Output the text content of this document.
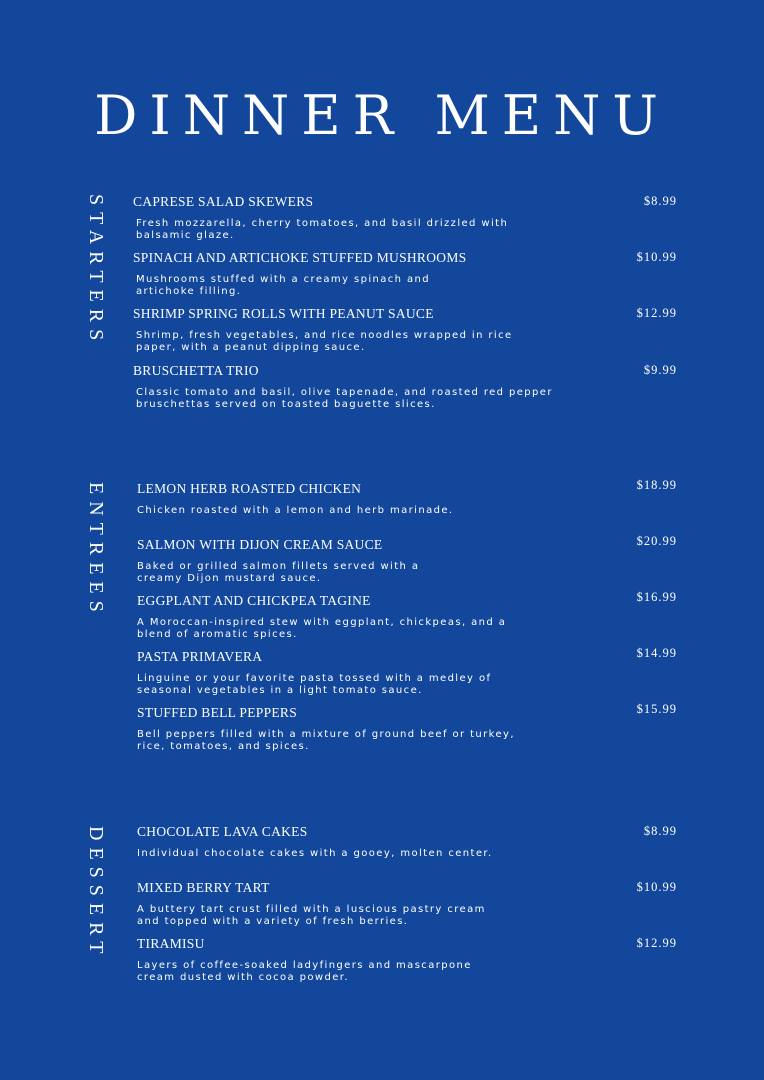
DINNER MENU
STARTERS CAPRESE SALAD SKEWERS	$8.99
Fresh mozzarella, cherry tomatoes, and basil drizzled with balsamic glaze.
SPINACH AND ARTICHOKE STUFFED MUSHROOMS	$10.99
Mushrooms stuffed with a creamy spinach and artichoke filling.
SHRIMP SPRING ROLLS WITH PEANUT SAUCE	$12.99
Shrimp, fresh vegetables, and rice noodles wrapped in rice paper, with a peanut dipping sauce.
BRUSCHETTA TRIO	$9.99
Classic tomato and basil, olive tapenade, and roasted red pepper bruschettas served on toasted baguette slices.
ENTREES LEMON HERB ROASTED CHICKEN	$18.99
Chicken roasted with a lemon and herb marinade.
SALMON WITH DIJON CREAM SAUCE	$20.99
Baked or grilled salmon fillets served with a creamy Dijon mustard sauce.
EGGPLANT AND CHICKPEA TAGINE	$16.99
A Moroccan-inspired stew with eggplant, chickpeas, and a blend of aromatic spices.
PASTA PRIMAVERA	$14.99
Linguine or your favorite pasta tossed with a medley of seasonal vegetables in a light tomato sauce.
STUFFED BELL PEPPERS	$15.99
Bell peppers filled with a mixture of ground beef or turkey, rice, tomatoes, and spices.
DESSERT CHOCOLATE LAVA CAKES	$8.99
Individual chocolate cakes with a gooey, molten center.
MIXED BERRY TART	$10.99
A buttery tart crust filled with a luscious pastry cream and topped with a variety of fresh berries.
TIRAMISU	$12.99
Layers of coffee-soaked ladyfingers and mascarpone cream dusted with cocoa powder.
